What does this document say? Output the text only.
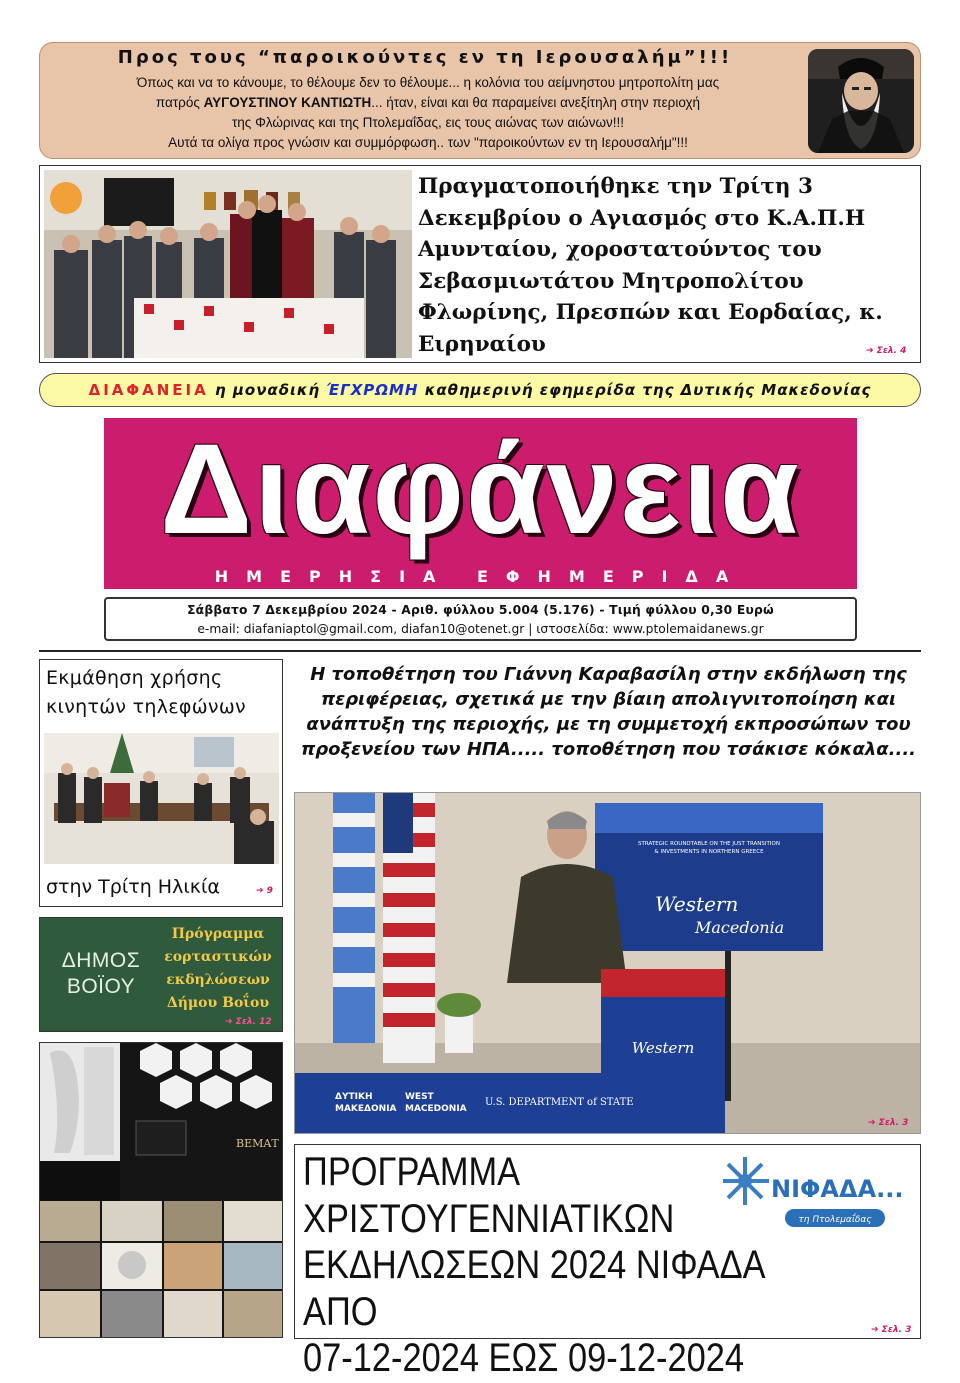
Προς τους “παροικούντες εν τη Ιερουσαλήμ”!!!
Όπως και να το κάνουμε, το θέλουμε δεν το θέλουμε... η κολόνια του αείμνηστου μητροπολίτη μας
πατρός ΑΥΓΟΥΣΤΙΝΟΥ ΚΑΝΤΙΩΤΗ... ήταν, είναι και θα παραμείνει ανεξίτηλη στην περιοχή
της Φλώρινας και της Πτολεμαΐδας, εις τους αιώνας των αιώνων!!!
Αυτά τα ολίγα προς γνώσιν και συμμόρφωση.. των "παροικούντων εν τη Ιερουσαλήμ"!!!
Πραγματοποιήθηκε την Τρίτη 3 Δεκεμβρίου ο Αγιασμός στο Κ.Α.Π.Η Αμυνταίου, χοροστατούντος του Σεβασμιωτάτου Μητροπολίτου Φλωρίνης, Πρεσπών και Εορδαίας, κ. Ειρηναίου	➔ Σελ. 4
ΔΙΑΦΑΝΕΙΑ η μοναδική ΈΓΧΡΩΜΗ καθημερινή εφημερίδα της Δυτικής Μακεδονίας
Διαφάνεια
ΗΜΕΡΗΣΙΑ ΕΦΗΜΕΡΙΔΑ
Σάββατο 7 Δεκεμβρίου 2024 - Αριθ. φύλλου 5.004 (5.176) - Τιμή φύλλου 0,30 Ευρώ
e-mail: diafaniaptol@gmail.com, diafan10@otenet.gr | ιστοσελίδα: www.ptolemaidanews.gr
Εκμάθηση χρήσης
κινητών τηλεφώνων
στην Τρίτη Ηλικία	➔ 9
ΔΗΜΟΣ
ΒΟΪΟΥ
Πρόγραμμα
εορταστικών
εκδηλώσεων
Δήμου Βοΐου
➔ Σελ. 12
ΒΕΜΑΤ
Η τοποθέτηση του Γιάννη Καραβασίλη στην εκδήλωση της περιφέρειας, σχετικά με την βίαιη απολιγνιτοποίηση και ανάπτυξη της περιοχής, με τη συμμετοχή εκπροσώπων του προξενείου των ΗΠΑ..... τοποθέτηση που τσάκισε κόκαλα....
STRATEGIC ROUNDTABLE ON THE JUST TRANSITION
& INVESTMENTS IN NORTHERN GREECE
Western
Macedonia
Western
ΔΥΤΙΚΗ
ΜΑΚΕΔΟΝΙΑ
WEST
MACEDONIA
U.S. DEPARTMENT of STATE
➔ Σελ. 3
ΠΡΟΓΡΑΜΜΑ
ΧΡΙΣΤΟΥΓΕΝΝΙΑΤΙΚΩΝ
ΕΚΔΗΛΩΣΕΩΝ 2024 ΝΙΦΑΔΑ ΑΠΟ
07-12-2024 ΕΩΣ 09-12-2024
ΝΙΦΑΔΑ...
τη Πτολεμαΐδας
➔ Σελ. 3
